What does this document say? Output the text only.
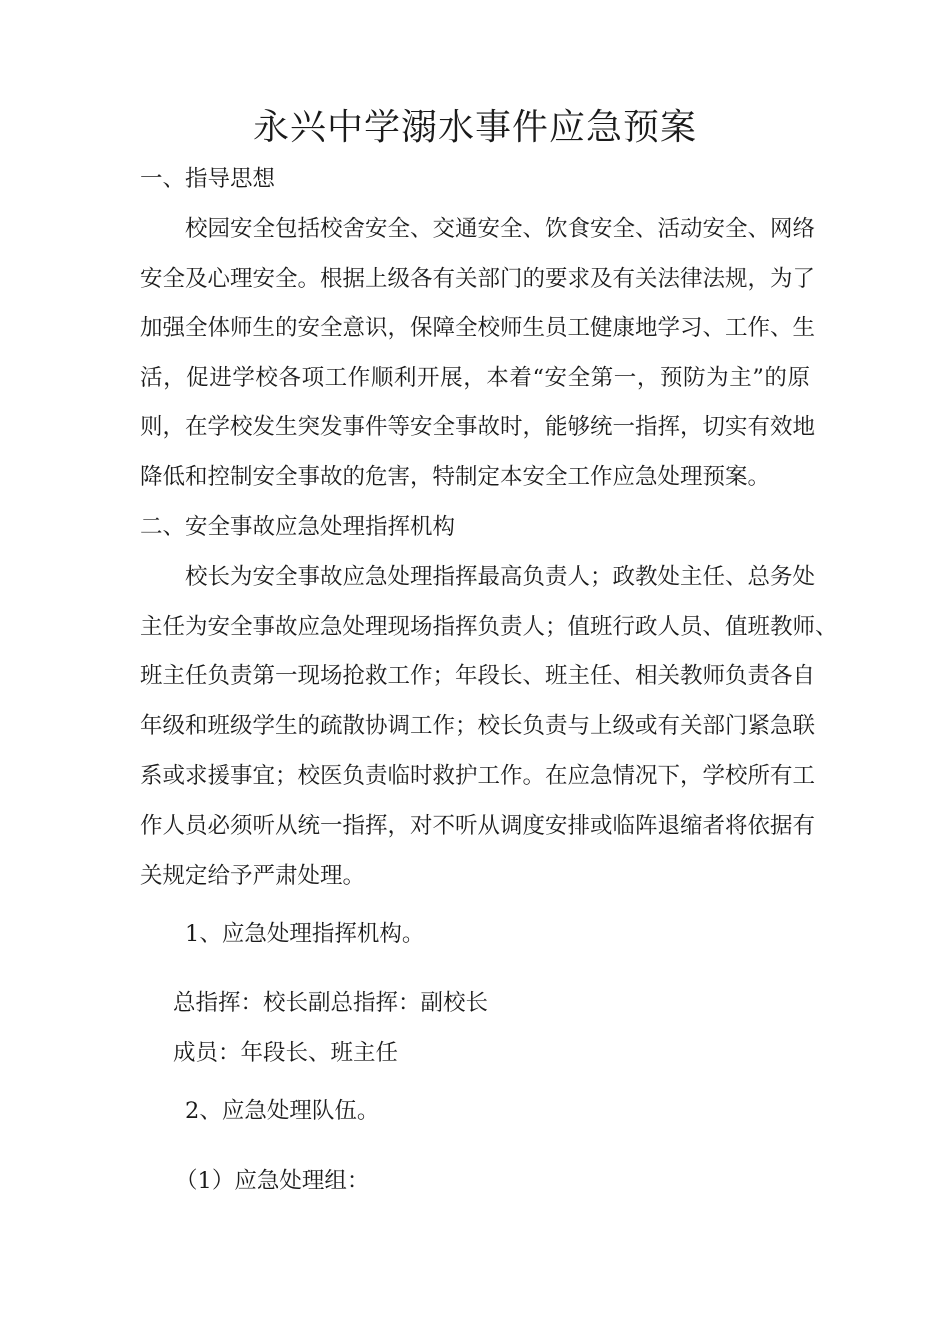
永兴中学溺水事件应急预案
一、指导思想
校园安全包括校舍安全、交通安全、饮食安全、活动安全、网络
安全及心理安全。根据上级各有关部门的要求及有关法律法规，为了
加强全体师生的安全意识，保障全校师生员工健康地学习、工作、生
活，促进学校各项工作顺利开展，本着“安全第一，预防为主”的原
则，在学校发生突发事件等安全事故时，能够统一指挥，切实有效地
降低和控制安全事故的危害，特制定本安全工作应急处理预案。
二、安全事故应急处理指挥机构
校长为安全事故应急处理指挥最高负责人；政教处主任、总务处
主任为安全事故应急处理现场指挥负责人；值班行政人员、值班教师、
班主任负责第一现场抢救工作；年段长、班主任、相关教师负责各自
年级和班级学生的疏散协调工作；校长负责与上级或有关部门紧急联
系或求援事宜；校医负责临时救护工作。在应急情况下，学校所有工
作人员必须听从统一指挥，对不听从调度安排或临阵退缩者将依据有
关规定给予严肃处理。
1、应急处理指挥机构。
总指挥：校长副总指挥：副校长
成员：年段长、班主任
2、应急处理队伍。
（1）应急处理组：
